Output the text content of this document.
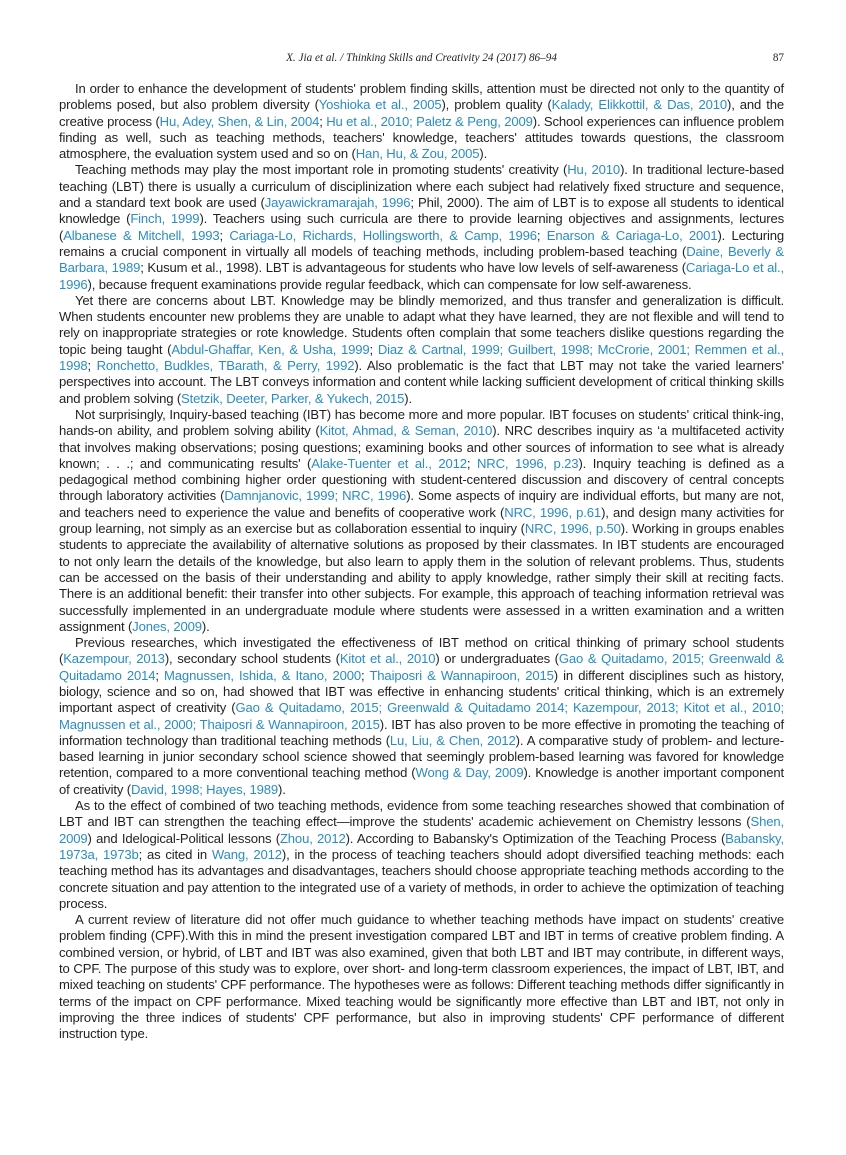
X. Jia et al. / Thinking Skills and Creativity 24 (2017) 86–94	87

In order to enhance the development of students' problem finding skills, attention must be directed not only to the quantity of problems posed, but also problem diversity (Yoshioka et al., 2005), problem quality (Kalady, Elikkottil, & Das, 2010), and the creative process (Hu, Adey, Shen, & Lin, 2004; Hu et al., 2010; Paletz & Peng, 2009). School experiences can influence problem finding as well, such as teaching methods, teachers' knowledge, teachers' attitudes towards questions, the classroom atmosphere, the evaluation system used and so on (Han, Hu, & Zou, 2005).

Teaching methods may play the most important role in promoting students' creativity (Hu, 2010). In traditional lecture-based teaching (LBT) there is usually a curriculum of disciplinization where each subject had relatively fixed structure and sequence, and a standard text book are used (Jayawickramarajah, 1996; Phil, 2000). The aim of LBT is to expose all students to identical knowledge (Finch, 1999). Teachers using such curricula are there to provide learning objectives and assignments, lectures (Albanese & Mitchell, 1993; Cariaga-Lo, Richards, Hollingsworth, & Camp, 1996; Enarson & Cariaga-Lo, 2001). Lecturing remains a crucial component in virtually all models of teaching methods, including problem-based teaching (Daine, Beverly & Barbara, 1989; Kusum et al., 1998). LBT is advantageous for students who have low levels of self-awareness (Cariaga-Lo et al., 1996), because frequent examinations provide regular feedback, which can compensate for low self-awareness.

Yet there are concerns about LBT. Knowledge may be blindly memorized, and thus transfer and generalization is difficult. When students encounter new problems they are unable to adapt what they have learned, they are not flexible and will tend to rely on inappropriate strategies or rote knowledge. Students often complain that some teachers dislike questions regarding the topic being taught (Abdul-Ghaffar, Ken, & Usha, 1999; Diaz & Cartnal, 1999; Guilbert, 1998; McCrorie, 2001; Remmen et al., 1998; Ronchetto, Budkles, TBarath, & Perry, 1992). Also problematic is the fact that LBT may not take the varied learners' perspectives into account. The LBT conveys information and content while lacking sufficient development of critical thinking skills and problem solving (Stetzik, Deeter, Parker, & Yukech, 2015).

Not surprisingly, Inquiry-based teaching (IBT) has become more and more popular. IBT focuses on students' critical think-ing, hands-on ability, and problem solving ability (Kitot, Ahmad, & Seman, 2010). NRC describes inquiry as ‘a multifaceted activity that involves making observations; posing questions; examining books and other sources of information to see what is already known; . . .; and communicating results' (Alake-Tuenter et al., 2012; NRC, 1996, p.23). Inquiry teaching is defined as a pedagogical method combining higher order questioning with student-centered discussion and discovery of central concepts through laboratory activities (Damnjanovic, 1999; NRC, 1996). Some aspects of inquiry are individual efforts, but many are not, and teachers need to experience the value and benefits of cooperative work (NRC, 1996, p.61), and design many activities for group learning, not simply as an exercise but as collaboration essential to inquiry (NRC, 1996, p.50). Working in groups enables students to appreciate the availability of alternative solutions as proposed by their classmates. In IBT students are encouraged to not only learn the details of the knowledge, but also learn to apply them in the solution of relevant problems. Thus, students can be accessed on the basis of their understanding and ability to apply knowledge, rather simply their skill at reciting facts. There is an additional benefit: their transfer into other subjects. For example, this approach of teaching information retrieval was successfully implemented in an undergraduate module where students were assessed in a written examination and a written assignment (Jones, 2009).

Previous researches, which investigated the effectiveness of IBT method on critical thinking of primary school students (Kazempour, 2013), secondary school students (Kitot et al., 2010) or undergraduates (Gao & Quitadamo, 2015; Greenwald & Quitadamo 2014; Magnussen, Ishida, & Itano, 2000; Thaiposri & Wannapiroon, 2015) in different disciplines such as history, biology, science and so on, had showed that IBT was effective in enhancing students' critical thinking, which is an extremely important aspect of creativity (Gao & Quitadamo, 2015; Greenwald & Quitadamo 2014; Kazempour, 2013; Kitot et al., 2010; Magnussen et al., 2000; Thaiposri & Wannapiroon, 2015). IBT has also proven to be more effective in promoting the teaching of information technology than traditional teaching methods (Lu, Liu, & Chen, 2012). A comparative study of problem- and lecture-based learning in junior secondary school science showed that seemingly problem-based learning was favored for knowledge retention, compared to a more conventional teaching method (Wong & Day, 2009). Knowledge is another important component of creativity (David, 1998; Hayes, 1989).

As to the effect of combined of two teaching methods, evidence from some teaching researches showed that combination of LBT and IBT can strengthen the teaching effect—improve the students' academic achievement on Chemistry lessons (Shen, 2009) and Idelogical-Political lessons (Zhou, 2012). According to Babansky's Optimization of the Teaching Process (Babansky, 1973a, 1973b; as cited in Wang, 2012), in the process of teaching teachers should adopt diversified teaching methods: each teaching method has its advantages and disadvantages, teachers should choose appropriate teaching methods according to the concrete situation and pay attention to the integrated use of a variety of methods, in order to achieve the optimization of teaching process.

A current review of literature did not offer much guidance to whether teaching methods have impact on students' creative problem finding (CPF).With this in mind the present investigation compared LBT and IBT in terms of creative problem finding. A combined version, or hybrid, of LBT and IBT was also examined, given that both LBT and IBT may contribute, in different ways, to CPF. The purpose of this study was to explore, over short- and long-term classroom experiences, the impact of LBT, IBT, and mixed teaching on students' CPF performance. The hypotheses were as follows: Different teaching methods differ significantly in terms of the impact on CPF performance. Mixed teaching would be significantly more effective than LBT and IBT, not only in improving the three indices of students' CPF performance, but also in improving students' CPF performance of different instruction type.
